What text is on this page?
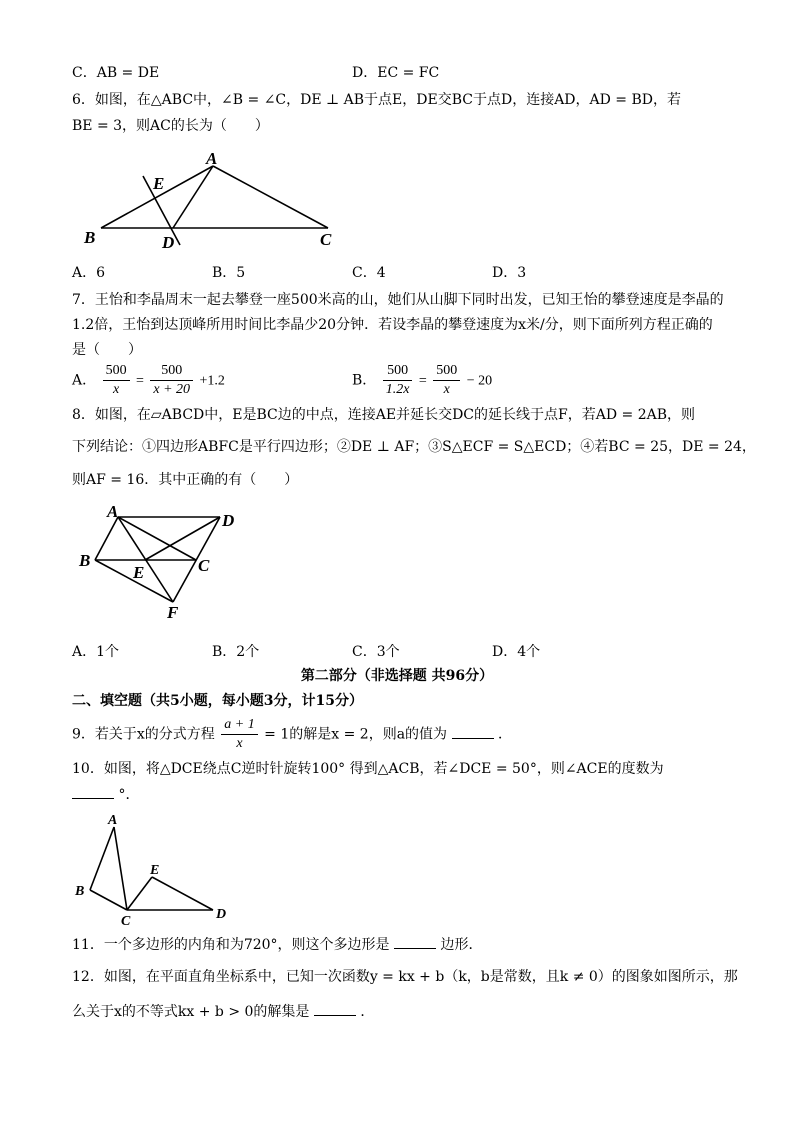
C．AB = DE	D．EC = FC
6．如图，在△ABC中，∠B = ∠C，DE ⊥ AB于点E，DE交BC于点D，连接AD，AD = BD，若
BE = 3，则AC的长为（　　）
A
E
B	D	C
A．6	B．5	C．4	D．3
7．王怡和李晶周末一起去攀登一座500米高的山，她们从山脚下同时出发，已知王怡的攀登速度是李晶的
1.2倍，王怡到达顶峰所用时间比李晶少20分钟．若设李晶的攀登速度为x米/分，则下面所列方程正确的
是（　　）
A． $\frac{500}{x} = \frac{500}{x + 20} +1.2$	B． $\frac{500}{1.2x} = \frac{500}{x} - 20$
8．如图，在▱ABCD中，E是BC边的中点，连接AE并延长交DC的延长线于点F，若AD = 2AB，则
下列结论：①四边形ABFC是平行四边形；②DE ⊥ AF；③S△ECF = S△ECD；④若BC = 25，DE = 24，
则AF = 16．其中正确的有（　　）
A	D
B
E	C
F
A．1个	B．2个	C．3个	D．4个
第二部分（非选择题 共96分）
二、填空题（共5小题，每小题3分，计15分）
9．若关于x的分式方程 $\frac{a + 1}{x} = 1$的解是x = 2，则a的值为	．
10．如图，将△DCE绕点C逆时针旋转100° 得到△ACB，若∠DCE = 50°，则∠ACE的度数为
°．
A
B
E
C	D
11．一个多边形的内角和为720°，则这个多边形是	边形．
12．如图，在平面直角坐标系中，已知一次函数y = kx + b（k，b是常数，且k ≠ 0）的图象如图所示，那
么关于x的不等式kx + b > 0的解集是	．
